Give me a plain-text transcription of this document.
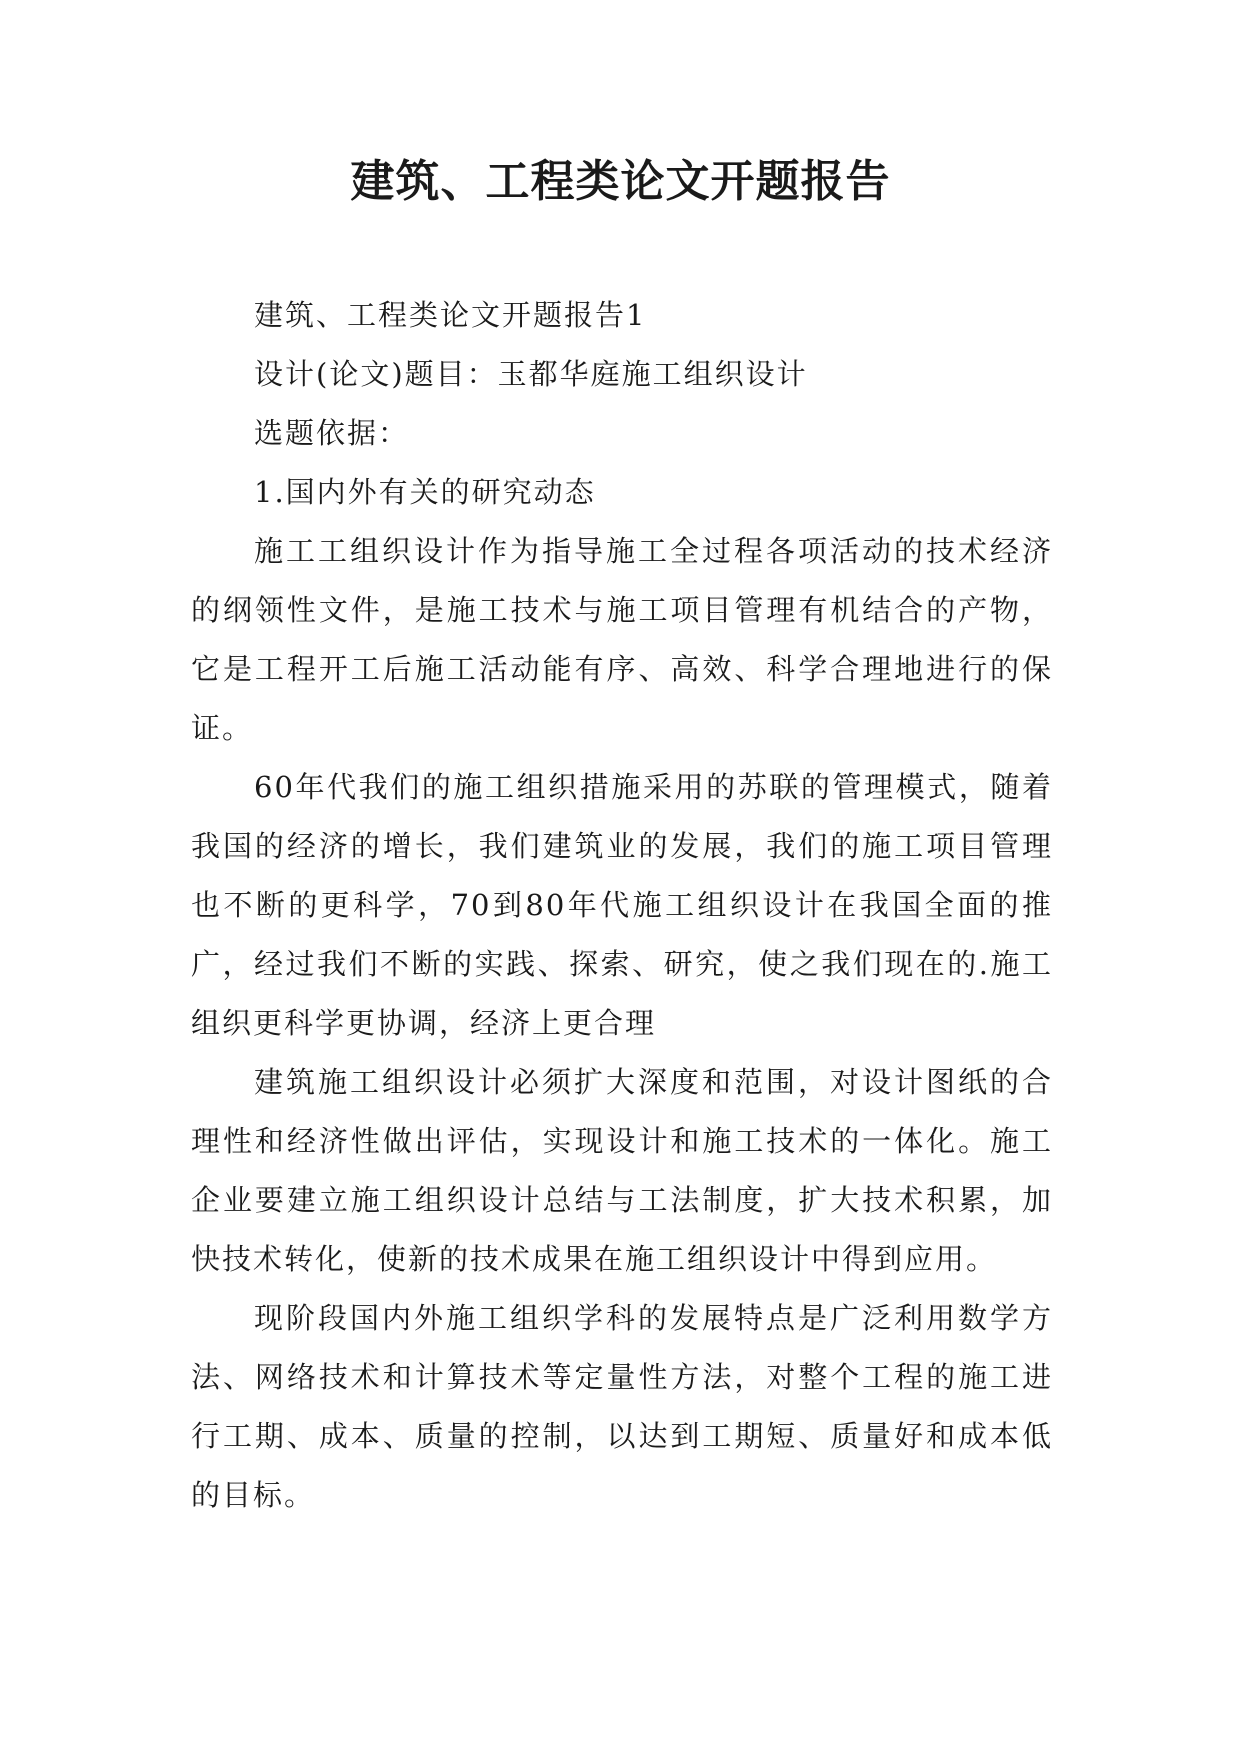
建筑、工程类论文开题报告

建筑、工程类论文开题报告1

设计(论文)题目：玉都华庭施工组织设计

选题依据：

1.国内外有关的研究动态

施工工组织设计作为指导施工全过程各项活动的技术经济的纲领性文件，是施工技术与施工项目管理有机结合的产物，它是工程开工后施工活动能有序、高效、科学合理地进行的保证。

60年代我们的施工组织措施采用的苏联的管理模式，随着我国的经济的增长，我们建筑业的发展，我们的施工项目管理也不断的更科学，70到80年代施工组织设计在我国全面的推广，经过我们不断的实践、探索、研究，使之我们现在的.施工组织更科学更协调，经济上更合理

建筑施工组织设计必须扩大深度和范围，对设计图纸的合理性和经济性做出评估，实现设计和施工技术的一体化。施工企业要建立施工组织设计总结与工法制度，扩大技术积累，加快技术转化，使新的技术成果在施工组织设计中得到应用。

现阶段国内外施工组织学科的发展特点是广泛利用数学方法、网络技术和计算技术等定量性方法，对整个工程的施工进行工期、成本、质量的控制，以达到工期短、质量好和成本低的目标。
